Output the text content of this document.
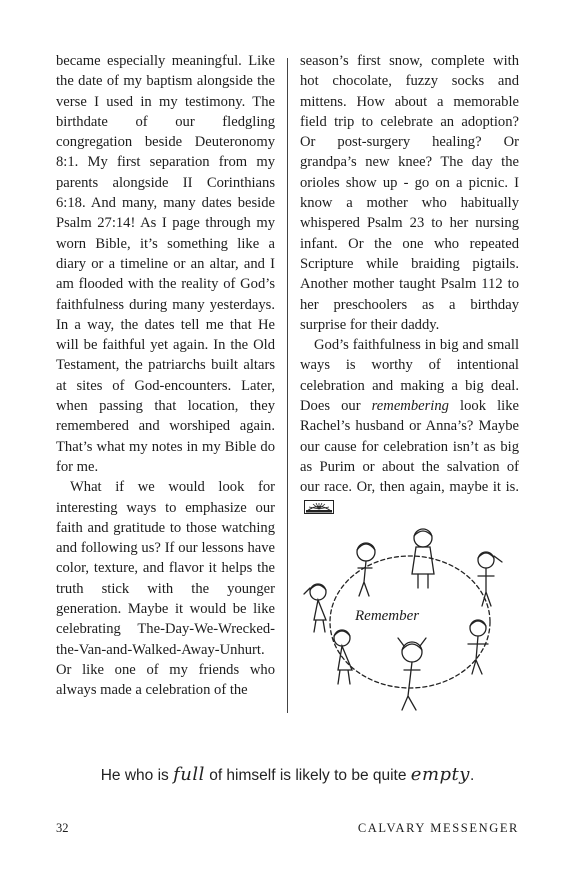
became especially meaningful. Like the date of my baptism alongside the verse I used in my testimony. The birthdate of our fledgling congregation beside Deuteronomy 8:1. My first separation from my parents alongside II Corinthians 6:18. And many, many dates beside Psalm 27:14! As I page through my worn Bible, it’s something like a diary or a timeline or an altar, and I am flooded with the reality of God’s faithfulness during many yesterdays. In a way, the dates tell me that He will be faithful yet again. In the Old Testament, the patriarchs built altars at sites of God-encounters. Later, when passing that location, they remembered and worshiped again. That’s what my notes in my Bible do for me.

What if we would look for interesting ways to emphasize our faith and gratitude to those watching and following us? If our lessons have color, texture, and flavor it helps the truth stick with the younger generation. Maybe it would be like celebrating The-Day-We-Wrecked-the-Van-and-Walked-Away-Unhurt. Or like one of my friends who always made a celebration of the

season’s first snow, complete with hot chocolate, fuzzy socks and mittens. How about a memorable field trip to celebrate an adoption? Or post-surgery healing? Or grandpa’s new knee? The day the orioles show up - go on a picnic. I know a mother who habitually whispered Psalm 23 to her nursing infant. Or the one who repeated Scripture while braiding pigtails. Another mother taught Psalm 112 to her preschoolers as a birthday surprise for their daddy.

God’s faithfulness in big and small ways is worthy of intentional celebration and making a big deal. Does our remembering look like Rachel’s husband or Anna’s? Maybe our cause for celebration isn’t as big as Purim or about the salvation of our race. Or, then again, maybe it is.

Remember
He who is full of himself is likely to be quite empty.
32	CALVARY MESSENGER
